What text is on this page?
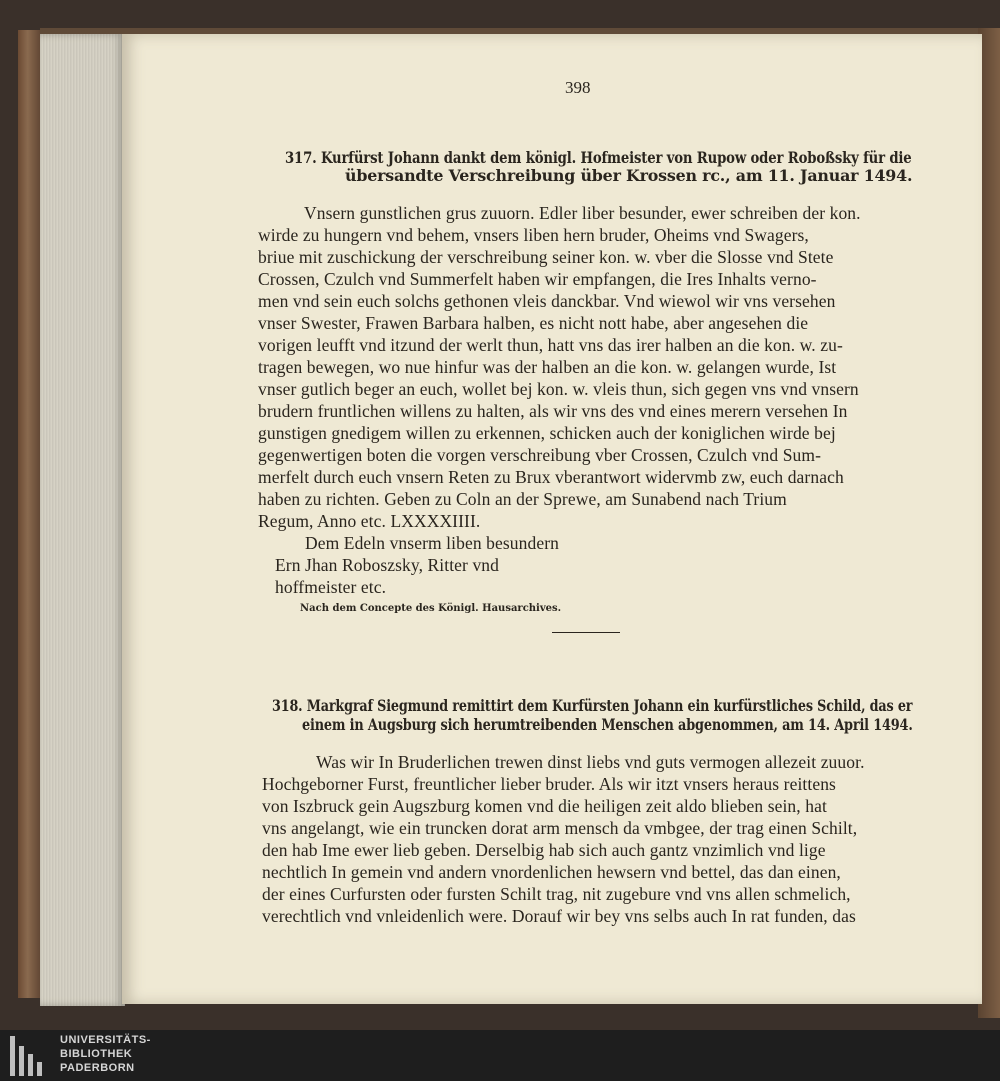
398
317. Kurfürst Johann dankt dem königl. Hofmeister von Rupow oder Roboßsky für die
übersandte Verschreibung über Krossen rc., am 11. Januar 1494.
Vnsern gunstlichen grus zuuorn. Edler liber besunder, ewer schreiben der kon.
wirde zu hungern vnd behem, vnsers liben hern bruder, Oheims vnd Swagers,
briue mit zuschickung der verschreibung seiner kon. w. vber die Slosse vnd Stete
Crossen, Czulch vnd Summerfelt haben wir empfangen, die Ires Inhalts verno-
men vnd sein euch solchs gethonen vleis danckbar. Vnd wiewol wir vns versehen
vnser Swester, Frawen Barbara halben, es nicht nott habe, aber angesehen die
vorigen leufft vnd itzund der werlt thun, hatt vns das irer halben an die kon. w. zu-
tragen bewegen, wo nue hinfur was der halben an die kon. w. gelangen wurde, Ist
vnser gutlich beger an euch, wollet bej kon. w. vleis thun, sich gegen vns vnd vnsern
brudern fruntlichen willens zu halten, als wir vns des vnd eines merern versehen In
gunstigen gnedigem willen zu erkennen, schicken auch der koniglichen wirde bej
gegenwertigen boten die vorgen verschreibung vber Crossen, Czulch vnd Sum-
merfelt durch euch vnsern Reten zu Brux vberantwort widervmb zw, euch darnach
haben zu richten. Geben zu Coln an der Sprewe, am Sunabend nach Trium
Regum, Anno etc. LXXXXIIII.
Dem Edeln vnserm liben besundern
Ern Jhan Roboszsky, Ritter vnd
hoffmeister etc.
Nach dem Concepte des Königl. Hausarchives.
318. Markgraf Siegmund remittirt dem Kurfürsten Johann ein kurfürstliches Schild, das er
einem in Augsburg sich herumtreibenden Menschen abgenommen, am 14. April 1494.
Was wir In Bruderlichen trewen dinst liebs vnd guts vermogen allezeit zuuor.
Hochgeborner Furst, freuntlicher lieber bruder. Als wir itzt vnsers heraus reittens
von Iszbruck gein Augszburg komen vnd die heiligen zeit aldo blieben sein, hat
vns angelangt, wie ein truncken dorat arm mensch da vmbgee, der trag einen Schilt,
den hab Ime ewer lieb geben. Derselbig hab sich auch gantz vnzimlich vnd lige
nechtlich In gemein vnd andern vnordenlichen hewsern vnd bettel, das dan einen,
der eines Curfursten oder fursten Schilt trag, nit zugebure vnd vns allen schmelich,
verechtlich vnd vnleidenlich were. Dorauf wir bey vns selbs auch In rat funden, das
UNIVERSITÄTS-
BIBLIOTHEK
PADERBORN
